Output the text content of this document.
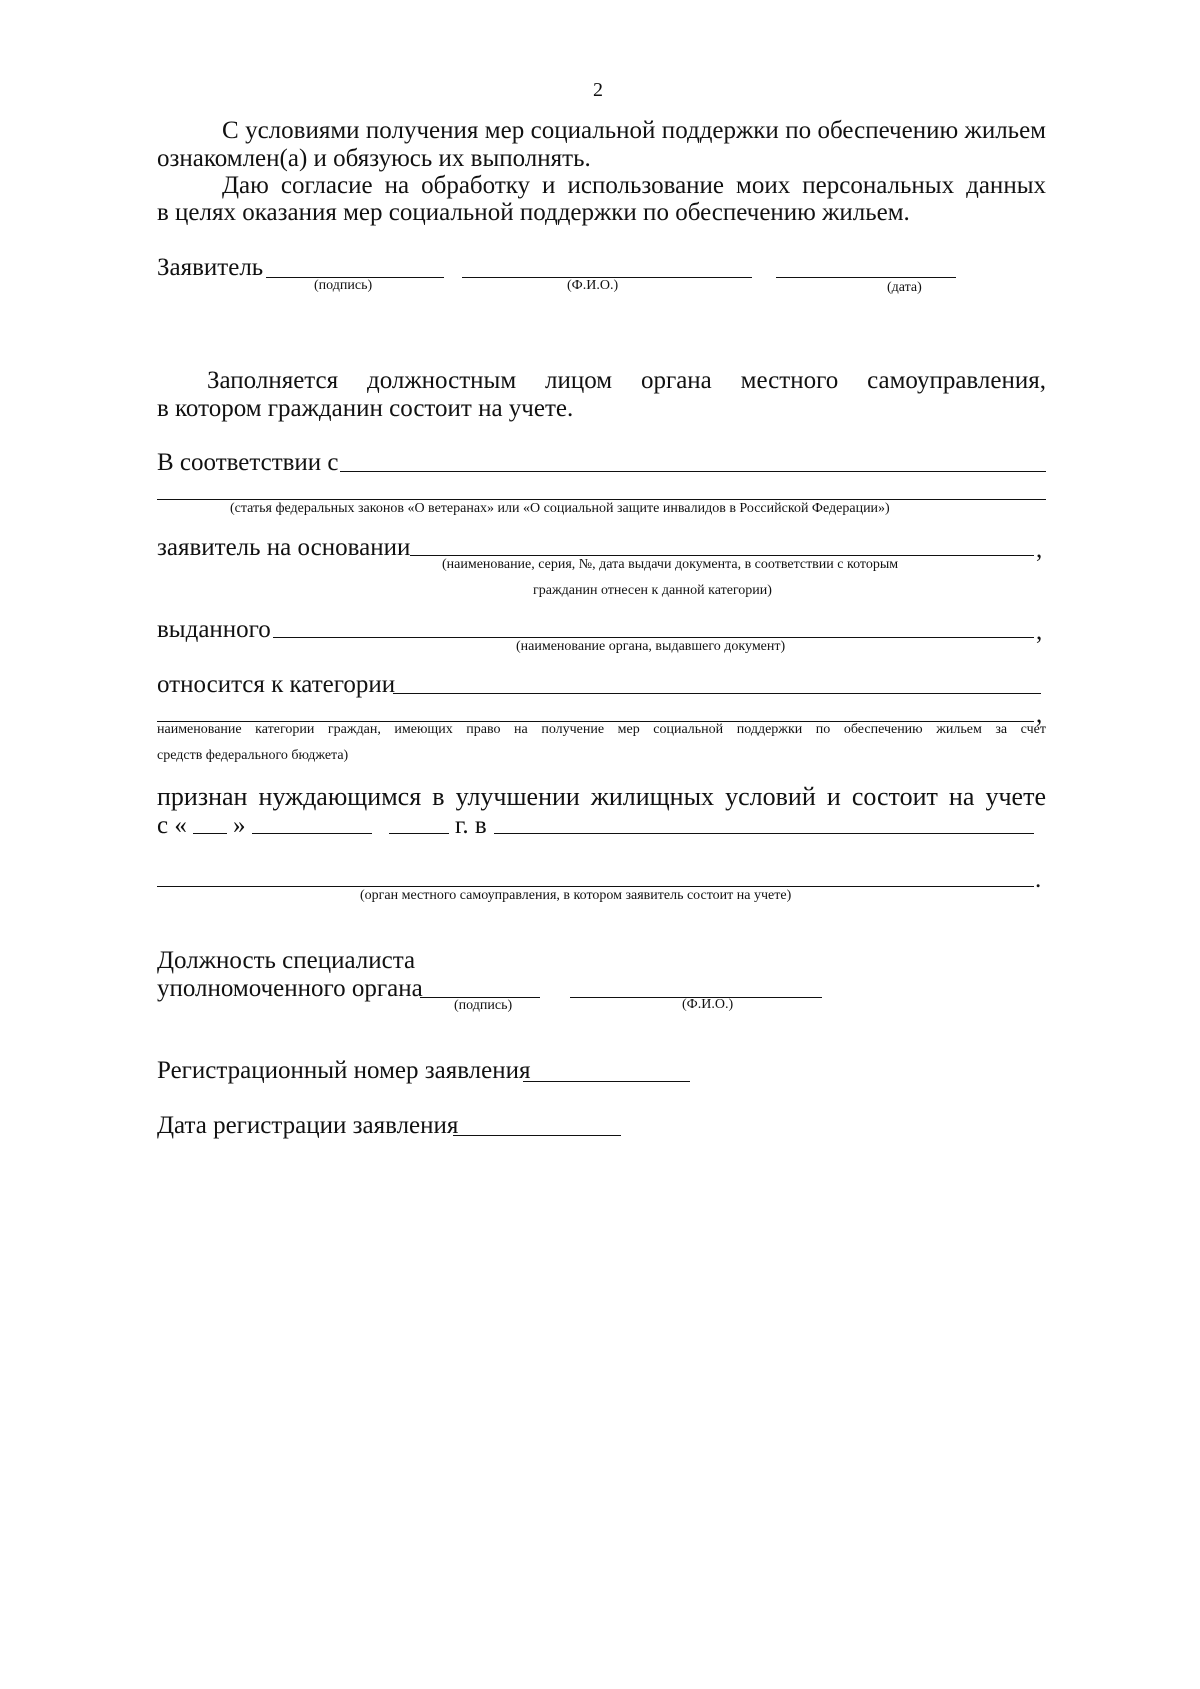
2
С условиями получения мер социальной поддержки по обеспечению жильем
ознакомлен(а) и обязуюсь их выполнять.
Даю согласие на обработку и использование моих персональных данных
в целях оказания мер социальной поддержки по обеспечению жильем.
Заявитель
(подпись)	(Ф.И.О.)	(дата)
Заполняется должностным лицом органа местного самоуправления,
в котором гражданин состоит на учете.
В соответствии с
(статья федеральных законов «О ветеранах» или «О социальной защите инвалидов в Российской Федерации»)
заявитель на основании	,
(наименование, серия, №, дата выдачи документа, в соответствии с которым
гражданин отнесен к данной категории)
выданного	,
(наименование органа, выдавшего документ)
относится к категории
,
наименование категории граждан, имеющих право на получение мер социальной поддержки по обеспечению жильем за счет
средств федерального бюджета)
признан нуждающимся в улучшении жилищных условий и состоит на учете
с « »	г. в
.
(орган местного самоуправления, в котором заявитель состоит на учете)
Должность специалиста
уполномоченного органа
(подпись)	(Ф.И.О.)
Регистрационный номер заявления
Дата регистрации заявления
